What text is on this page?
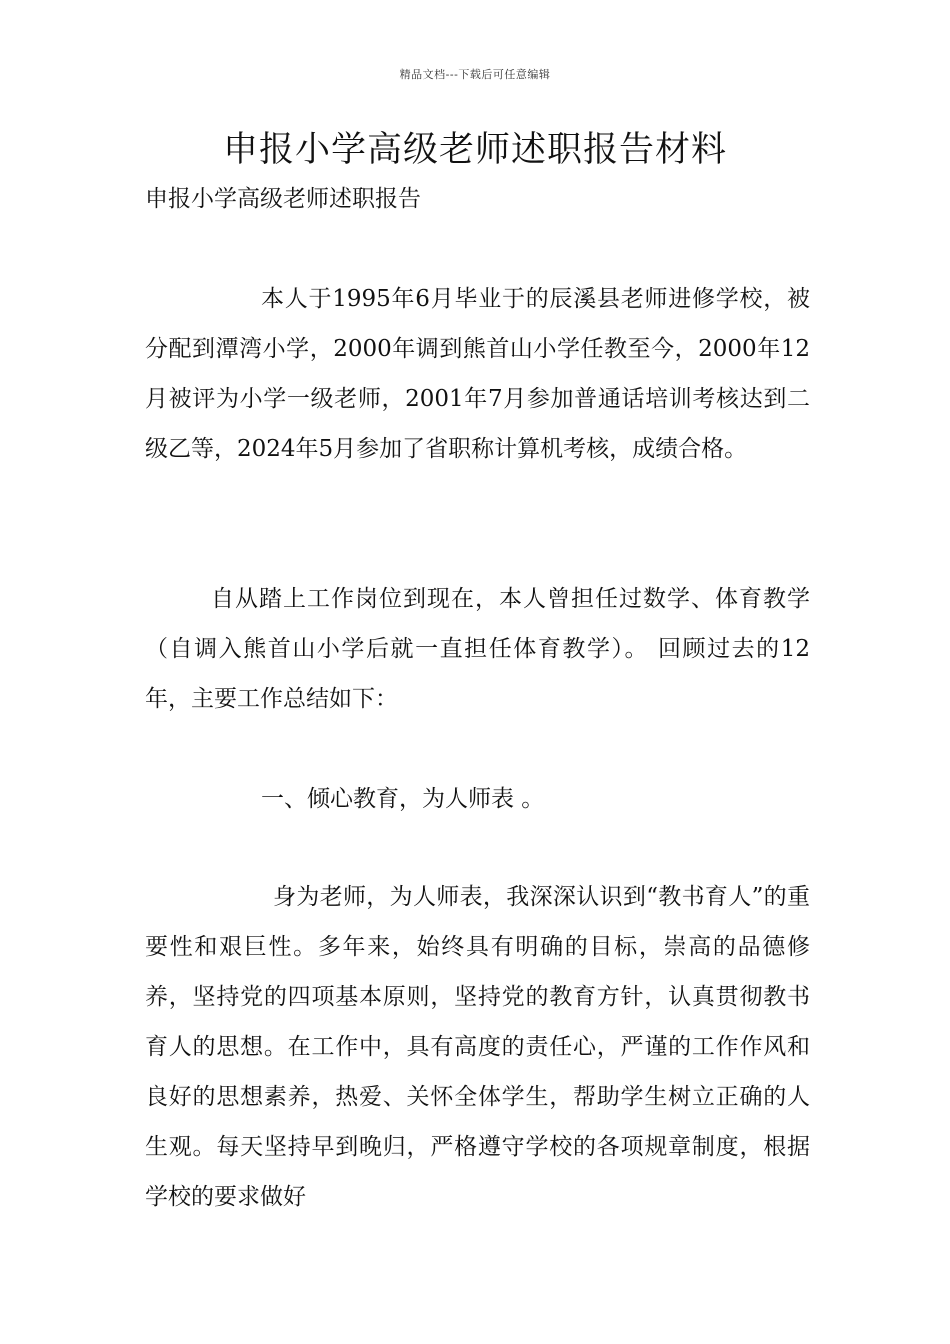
精品文档---下载后可任意编辑
申报小学高级老师述职报告材料
申报小学高级老师述职报告

本人于1995年6月毕业于的辰溪县老师进修学校，被分配到潭湾小学，2000年调到熊首山小学任教至今，2000年12月被评为小学一级老师，2001年7月参加普通话培训考核达到二级乙等，2024年5月参加了省职称计算机考核，成绩合格。

自从踏上工作岗位到现在，本人曾担任过数学、体育教学（自调入熊首山小学后就一直担任体育教学）。 回顾过去的12年，主要工作总结如下：

一、倾心教育，为人师表 。

身为老师，为人师表，我深深认识到“教书育人”的重要性和艰巨性。多年来，始终具有明确的目标，崇高的品德修养，坚持党的四项基本原则，坚持党的教育方针，认真贯彻教书育人的思想。在工作中，具有高度的责任心，严谨的工作作风和良好的思想素养，热爱、关怀全体学生，帮助学生树立正确的人生观。每天坚持早到晚归，严格遵守学校的各项规章制度，根据学校的要求做好
